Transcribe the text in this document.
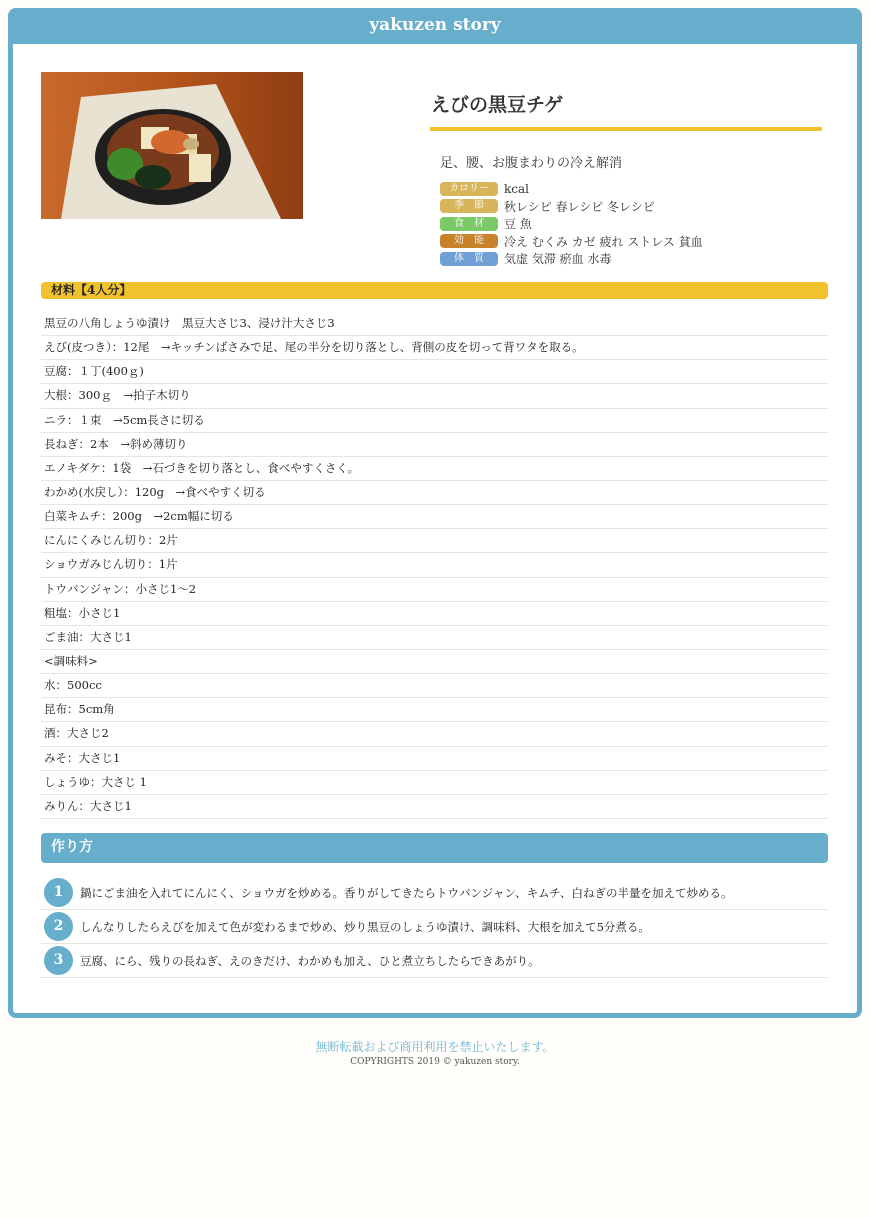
yakuzen story
えびの黒豆チゲ
足、腰、お腹まわりの冷え解消
カロリー	kcal
季　節	秋レシピ 春レシピ 冬レシピ
食　材	豆 魚
効　能	冷え むくみ カゼ 疲れ ストレス 貧血
体　質	気虚 気滞 瘀血 水毒
材料【4人分】
黒豆の八角しょうゆ漬け　黒豆大さじ3、浸け汁大さじ3
えび(皮つき）：12尾　→キッチンばさみで足、尾の半分を切り落とし、背側の皮を切って背ワタを取る。
豆腐：１丁(400ｇ)
大根：300ｇ　→拍子木切り
ニラ：１束　→5cm長さに切る
長ねぎ：2本　→斜め薄切り
エノキダケ：1袋　→石づきを切り落とし、食べやすくさく。
わかめ(水戻し）：120g　→食べやすく切る
白菜キムチ：200g　→2cm幅に切る
にんにくみじん切り：2片
ショウガみじん切り：1片
トウバンジャン：小さじ1〜2
粗塩：小さじ1
ごま油：大さじ1
<調味料>
水：500cc
昆布：5cm角
酒：大さじ2
みそ：大さじ1
しょうゆ：大さじ 1
みりん：大さじ1
作り方
1	鍋にごま油を入れてにんにく、ショウガを炒める。香りがしてきたらトウバンジャン、キムチ、白ねぎの半量を加えて炒める。
2	しんなりしたらえびを加えて色が変わるまで炒め、炒り黒豆のしょうゆ漬け、調味料、大根を加えて5分煮る。
3	豆腐、にら、残りの長ねぎ、えのきだけ、わかめも加え、ひと煮立ちしたらできあがり。
無断転載および商用利用を禁止いたします。
COPYRIGHTS 2019 © yakuzen story.
